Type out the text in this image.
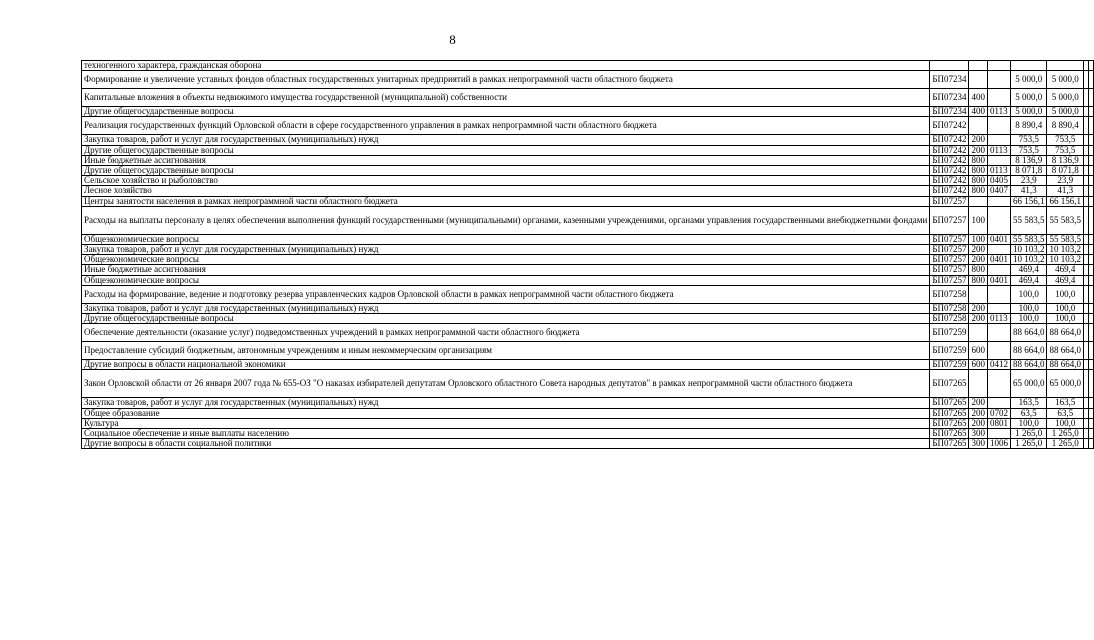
8
техногенного характера, гражданская оборона							
Формирование и увеличение уставных фондов областных государственных унитарных предприятий в рамках непрограммной части областного бюджета	БП07234			5 000,0	5 000,0		
Капитальные вложения в объекты недвижимого имущества государственной (муниципальной) собственности	БП07234	400		5 000,0	5 000,0		
Другие общегосударственные вопросы	БП07234	400	0113	5 000,0	5 000,0		
Реализация государственных функций Орловской области в сфере государственного управления в рамках непрограммной части областного бюджета	БП07242			8 890,4	8 890,4		
Закупка товаров, работ и услуг для государственных (муниципальных) нужд	БП07242	200		753,5	753,5		
Другие общегосударственные вопросы	БП07242	200	0113	753,5	753,5		
Иные бюджетные ассигнования	БП07242	800		8 136,9	8 136,9		
Другие общегосударственные вопросы	БП07242	800	0113	8 071,8	8 071,8		
Сельское хозяйство и рыболовство	БП07242	800	0405	23,9	23,9		
Лесное хозяйство	БП07242	800	0407	41,3	41,3		
Центры занятости населения в рамках непрограммной части областного бюджета	БП07257			66 156,1	66 156,1		
Расходы на выплаты персоналу в целях обеспечения выполнения функций государственными (муниципальными) органами, казенными учреждениями, органами управления государственными внебюджетными фондами	БП07257	100		55 583,5	55 583,5		
Общеэкономические вопросы	БП07257	100	0401	55 583,5	55 583,5		
Закупка товаров, работ и услуг для государственных (муниципальных) нужд	БП07257	200		10 103,2	10 103,2		
Общеэкономические вопросы	БП07257	200	0401	10 103,2	10 103,2		
Иные бюджетные ассигнования	БП07257	800		469,4	469,4		
Общеэкономические вопросы	БП07257	800	0401	469,4	469,4		
Расходы на формирование, ведение и подготовку резерва управленческих кадров Орловской области в рамках непрограммной части областного бюджета	БП07258			100,0	100,0		
Закупка товаров, работ и услуг для государственных (муниципальных) нужд	БП07258	200		100,0	100,0		
Другие общегосударственные вопросы	БП07258	200	0113	100,0	100,0		
Обеспечение деятельности (оказание услуг) подведомственных учреждений в рамках непрограммной части областного бюджета	БП07259			88 664,0	88 664,0		
Предоставление субсидий бюджетным, автономным учреждениям и иным некоммерческим организациям	БП07259	600		88 664,0	88 664,0		
Другие вопросы в области национальной экономики	БП07259	600	0412	88 664,0	88 664,0		
Закон Орловской области от 26 января 2007 года № 655-ОЗ "О наказах избирателей депутатам Орловского областного Совета народных депутатов" в рамках непрограммной части областного бюджета	БП07265			65 000,0	65 000,0		
Закупка товаров, работ и услуг для государственных (муниципальных) нужд	БП07265	200		163,5	163,5		
Общее образование	БП07265	200	0702	63,5	63,5		
Культура	БП07265	200	0801	100,0	100,0		
Социальное обеспечение и иные выплаты населению	БП07265	300		1 265,0	1 265,0		
Другие вопросы в области социальной политики	БП07265	300	1006	1 265,0	1 265,0		
